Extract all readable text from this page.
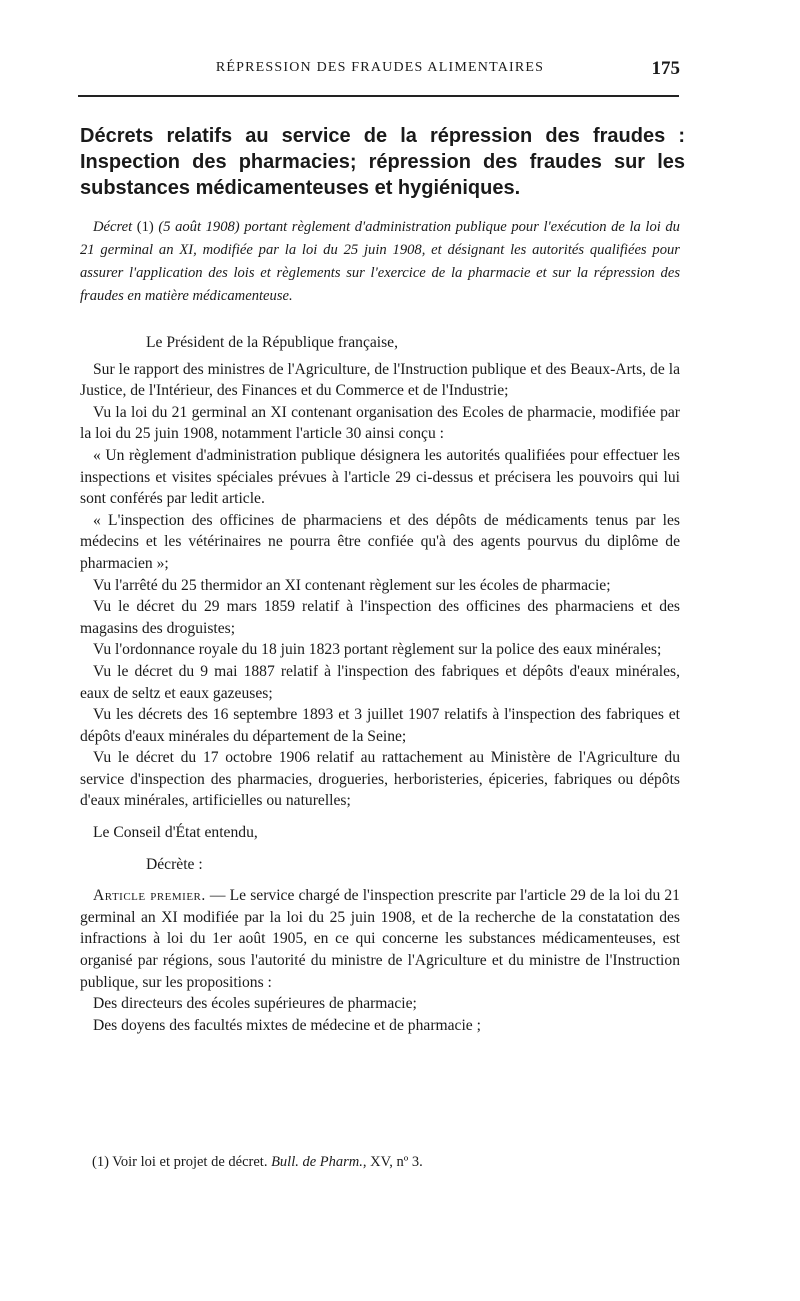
RÉPRESSION DES FRAUDES ALIMENTAIRES	175
Décrets relatifs au service de la répression des fraudes : Inspection des pharmacies; répression des fraudes sur les substances médicamenteuses et hygiéniques.

Décret (1) (5 août 1908) portant règlement d'administration publique pour l'exécution de la loi du 21 germinal an XI, modifiée par la loi du 25 juin 1908, et désignant les autorités qualifiées pour assurer l'application des lois et règlements sur l'exercice de la pharmacie et sur la répression des fraudes en matière médicamenteuse.

Le Président de la République française,

Sur le rapport des ministres de l'Agriculture, de l'Instruction publique et des Beaux-Arts, de la Justice, de l'Intérieur, des Finances et du Commerce et de l'Industrie;

Vu la loi du 21 germinal an XI contenant organisation des Ecoles de pharmacie, modifiée par la loi du 25 juin 1908, notamment l'article 30 ainsi conçu :

« Un règlement d'administration publique désignera les autorités qualifiées pour effectuer les inspections et visites spéciales prévues à l'article 29 ci-dessus et précisera les pouvoirs qui lui sont conférés par ledit article.

« L'inspection des officines de pharmaciens et des dépôts de médicaments tenus par les médecins et les vétérinaires ne pourra être confiée qu'à des agents pourvus du diplôme de pharmacien »;

Vu l'arrêté du 25 thermidor an XI contenant règlement sur les écoles de pharmacie;

Vu le décret du 29 mars 1859 relatif à l'inspection des officines des pharmaciens et des magasins des droguistes;

Vu l'ordonnance royale du 18 juin 1823 portant règlement sur la police des eaux minérales;

Vu le décret du 9 mai 1887 relatif à l'inspection des fabriques et dépôts d'eaux minérales, eaux de seltz et eaux gazeuses;

Vu les décrets des 16 septembre 1893 et 3 juillet 1907 relatifs à l'inspection des fabriques et dépôts d'eaux minérales du département de la Seine;

Vu le décret du 17 octobre 1906 relatif au rattachement au Ministère de l'Agriculture du service d'inspection des pharmacies, drogueries, herboristeries, épiceries, fabriques ou dépôts d'eaux minérales, artificielles ou naturelles;

Le Conseil d'État entendu,

Décrète :

Article premier. — Le service chargé de l'inspection prescrite par l'article 29 de la loi du 21 germinal an XI modifiée par la loi du 25 juin 1908, et de la recherche de la constatation des infractions à loi du 1er août 1905, en ce qui concerne les substances médicamenteuses, est organisé par régions, sous l'autorité du ministre de l'Agriculture et du ministre de l'Instruction publique, sur les propositions :

Des directeurs des écoles supérieures de pharmacie;

Des doyens des facultés mixtes de médecine et de pharmacie ;

(1) Voir loi et projet de décret. Bull. de Pharm., XV, nº 3.
